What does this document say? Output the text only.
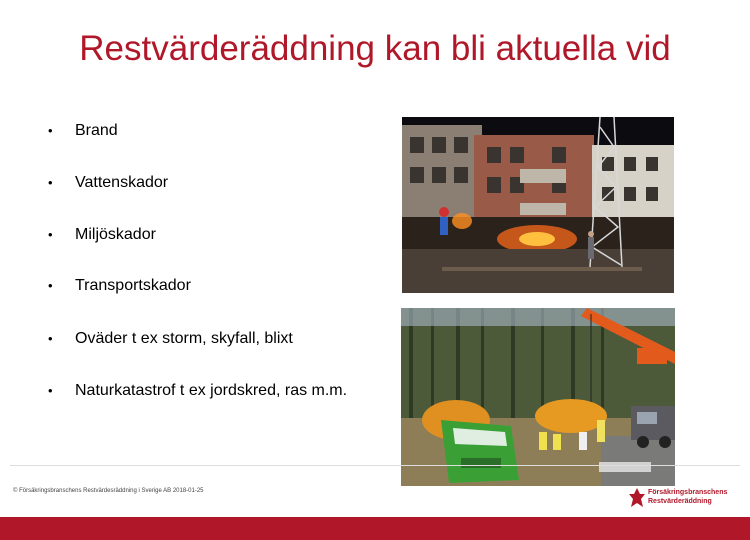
Restvärderäddning kan bli aktuella vid
•	Brand
•	Vattenskador
•	Miljöskador
•	Transportskador
•	Oväder t ex storm, skyfall, blixt
•	Naturkatastrof t ex jordskred, ras m.m.
© Försäkringsbranschens Restvärdesräddning i Sverige AB 2018-01-25	Försäkringsbranschens
Restvärderäddning
